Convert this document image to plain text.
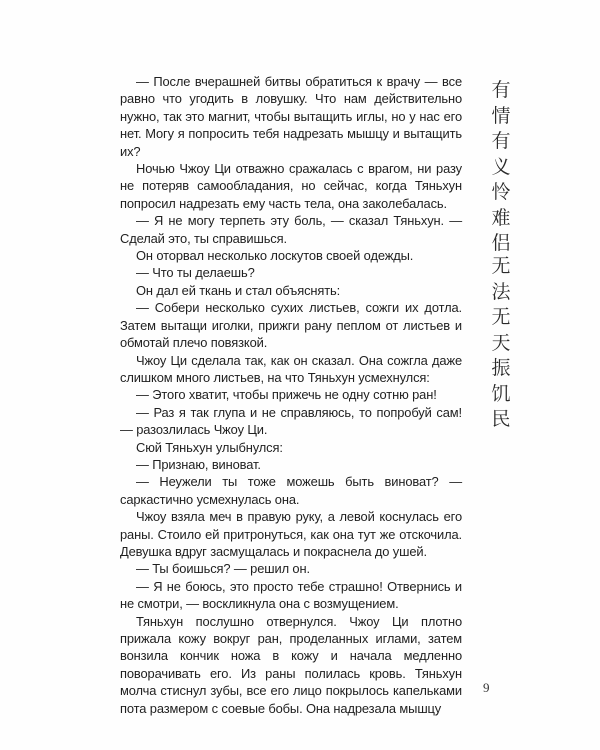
— После вчерашней битвы обратиться к врачу — все равно что угодить в ловушку. Что нам действительно нужно, так это магнит, чтобы вытащить иглы, но у нас его нет. Могу я попросить тебя надрезать мышцу и вытащить их?

Ночью Чжоу Ци отважно сражалась с врагом, ни разу не потеряв самообладания, но сейчас, когда Тяньхун попросил надрезать ему часть тела, она заколебалась.

— Я не могу терпеть эту боль, — сказал Тяньхун. — Сделай это, ты справишься.

Он оторвал несколько лоскутов своей одежды.

— Что ты делаешь?

Он дал ей ткань и стал объяснять:

— Собери несколько сухих листьев, сожги их дотла. Затем вытащи иголки, прижги рану пеплом от листьев и обмотай плечо повязкой.

Чжоу Ци сделала так, как он сказал. Она сожгла даже слишком много листьев, на что Тяньхун усмехнулся:

— Этого хватит, чтобы прижечь не одну сотню ран!

— Раз я так глупа и не справляюсь, то попробуй сам! — разозлилась Чжоу Ци.

Сюй Тяньхун улыбнулся:

— Признаю, виноват.

— Неужели ты тоже можешь быть виноват? — саркастично усмехнулась она.

Чжоу взяла меч в правую руку, а левой коснулась его раны. Стоило ей притронуться, как она тут же отскочила. Девушка вдруг засмущалась и покраснела до ушей.

— Ты боишься? — решил он.

— Я не боюсь, это просто тебе страшно! Отвернись и не смотри, — воскликнула она с возмущением.

Тяньхун послушно отвернулся. Чжоу Ци плотно прижала кожу вокруг ран, проделанных иглами, затем вонзила кончик ножа в кожу и начала медленно поворачивать его. Из раны полилась кровь. Тяньхун молча стиснул зубы, все его лицо покрылось капельками пота размером с соевые бобы. Она надрезала мышцу

有
情
有
义
怜
难
侣
无
法
无
天
振
饥
民
9
